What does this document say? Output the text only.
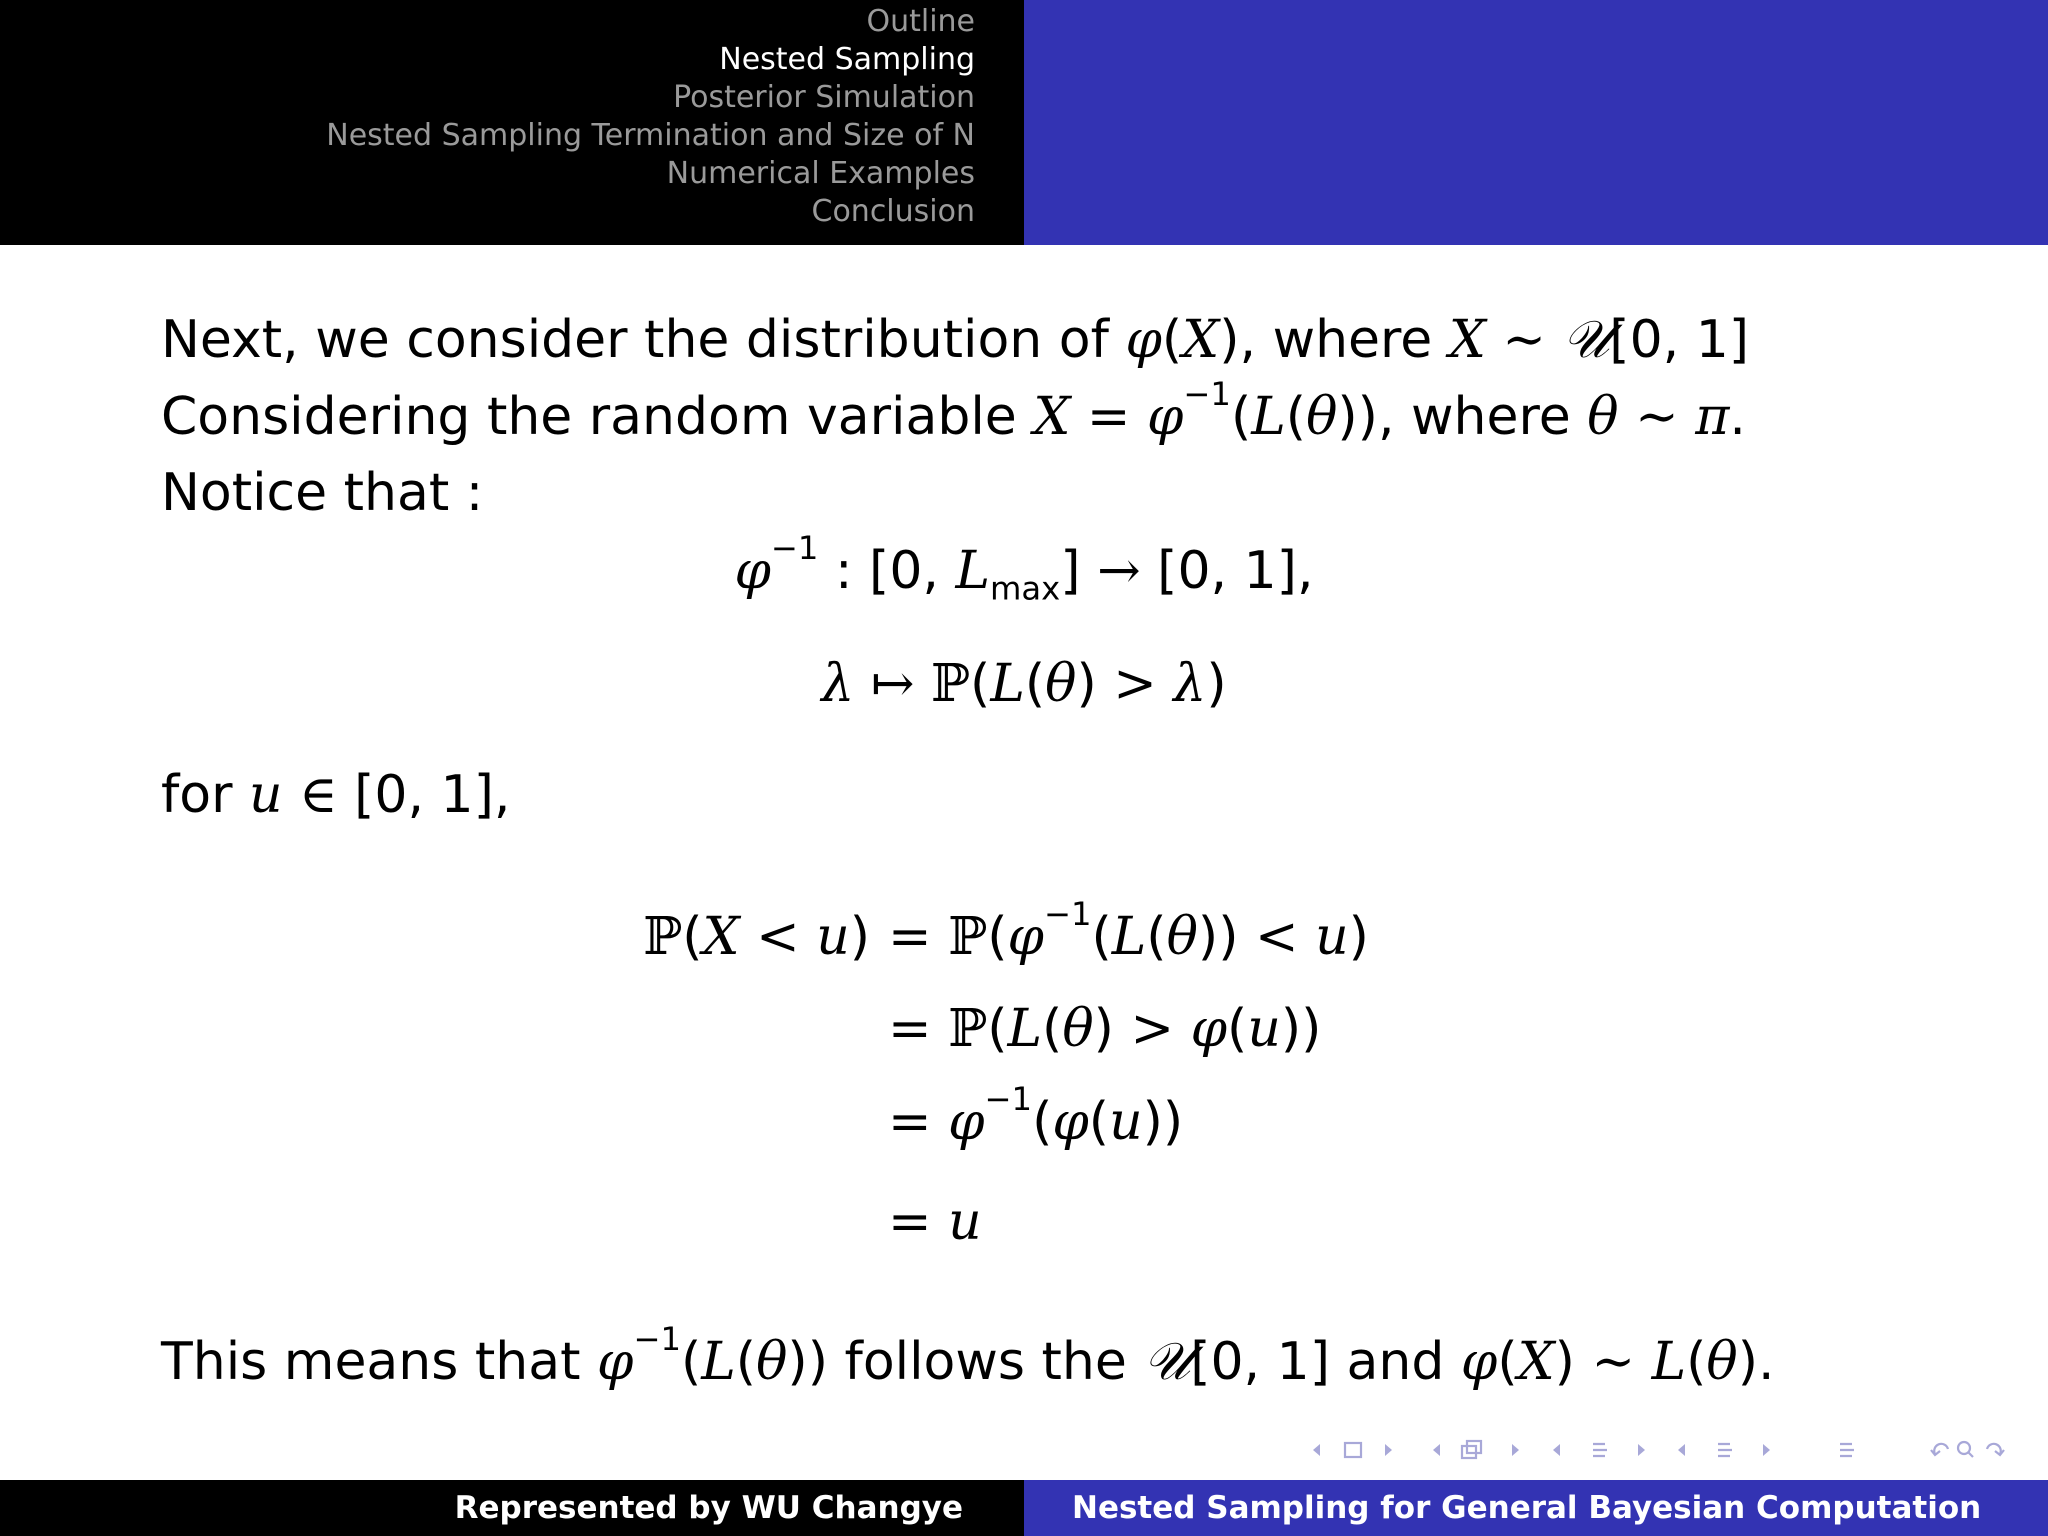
Outline
Nested Sampling
Posterior Simulation
Nested Sampling Termination and Size of N
Numerical Examples
Conclusion
Next, we consider the distribution of φ(X), where X ∼ 𝒰[0, 1]
Considering the random variable $X = \varphi^{-1}(L(\theta))$, where θ ∼ π.
Notice that :
$\varphi^{-1}$ : [0, $L_{max}] \to [0$, 1],
λ ↦ ℙ(L(θ) > λ)
for u ∈ [0, 1],
ℙ(X < $u) = ℙ(\varphi^{-1}(L(\theta)) < u)$
= ℙ(L(θ) > φ(u))
= $\varphi^{-1}(\varphi(u))$
= u
This means that $\varphi^{-1}(L(\theta))$ follows the 𝒰[0, 1] and φ(X) ∼ L(θ).
Represented by WU Changye	Nested Sampling for General Bayesian Computation
